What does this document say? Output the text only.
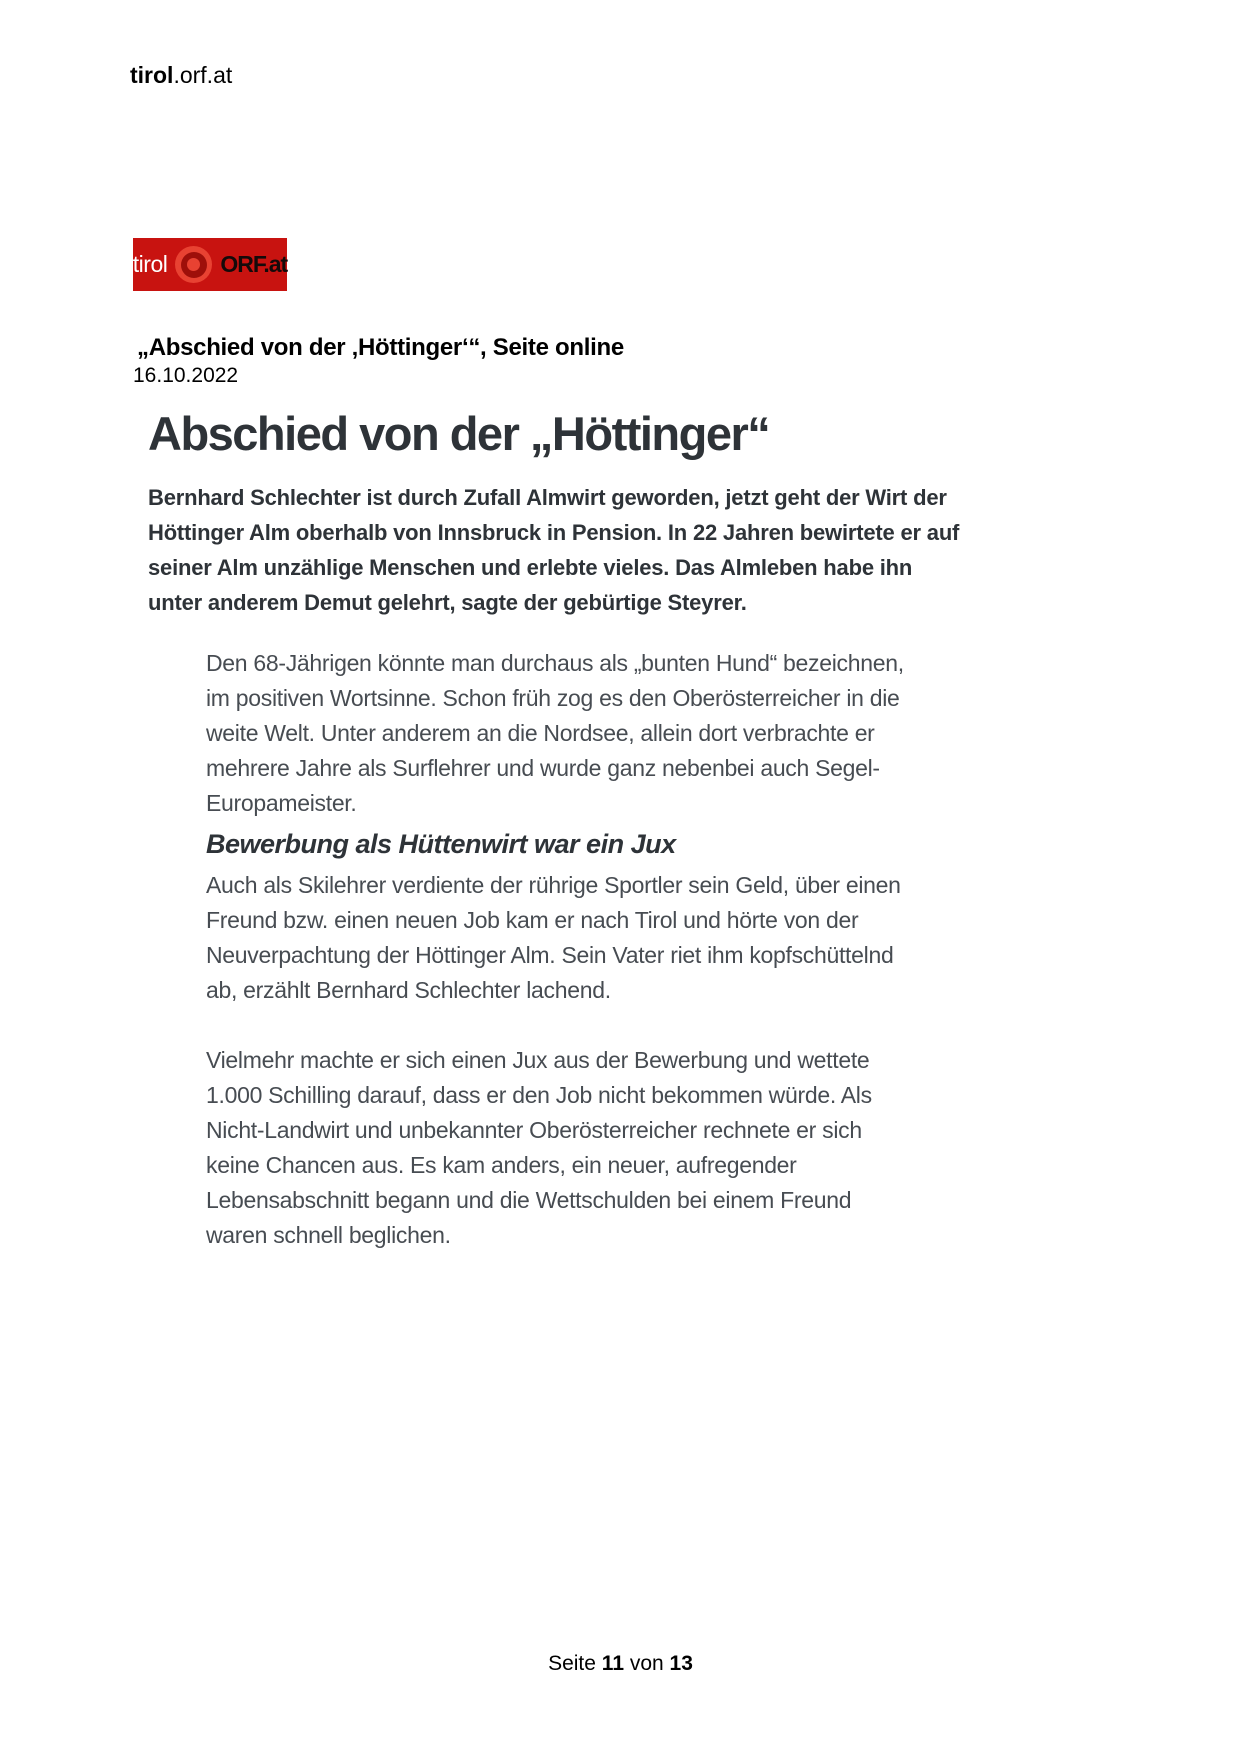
tirol.orf.at
tirol ORF.at
„Abschied von der ‚Höttinger‘“, Seite online
16.10.2022
Abschied von der „Höttinger“
Bernhard Schlechter ist durch Zufall Almwirt geworden, jetzt geht der Wirt der Höttinger Alm oberhalb von Innsbruck in Pension. In 22 Jahren bewirtete er auf seiner Alm unzählige Menschen und erlebte vieles. Das Almleben habe ihn unter anderem Demut gelehrt, sagte der gebürtige Steyrer.
Den 68-Jährigen könnte man durchaus als „bunten Hund“ bezeichnen, im positiven Wortsinne. Schon früh zog es den Oberösterreicher in die weite Welt. Unter anderem an die Nordsee, allein dort verbrachte er mehrere Jahre als Surflehrer und wurde ganz nebenbei auch Segel-Europameister.
Bewerbung als Hüttenwirt war ein Jux
Auch als Skilehrer verdiente der rührige Sportler sein Geld, über einen Freund bzw. einen neuen Job kam er nach Tirol und hörte von der Neuverpachtung der Höttinger Alm. Sein Vater riet ihm kopfschüttelnd ab, erzählt Bernhard Schlechter lachend.
Vielmehr machte er sich einen Jux aus der Bewerbung und wettete 1.000 Schilling darauf, dass er den Job nicht bekommen würde. Als Nicht-Landwirt und unbekannter Oberösterreicher rechnete er sich keine Chancen aus. Es kam anders, ein neuer, aufregender Lebensabschnitt begann und die Wettschulden bei einem Freund waren schnell beglichen.
Seite 11 von 13
